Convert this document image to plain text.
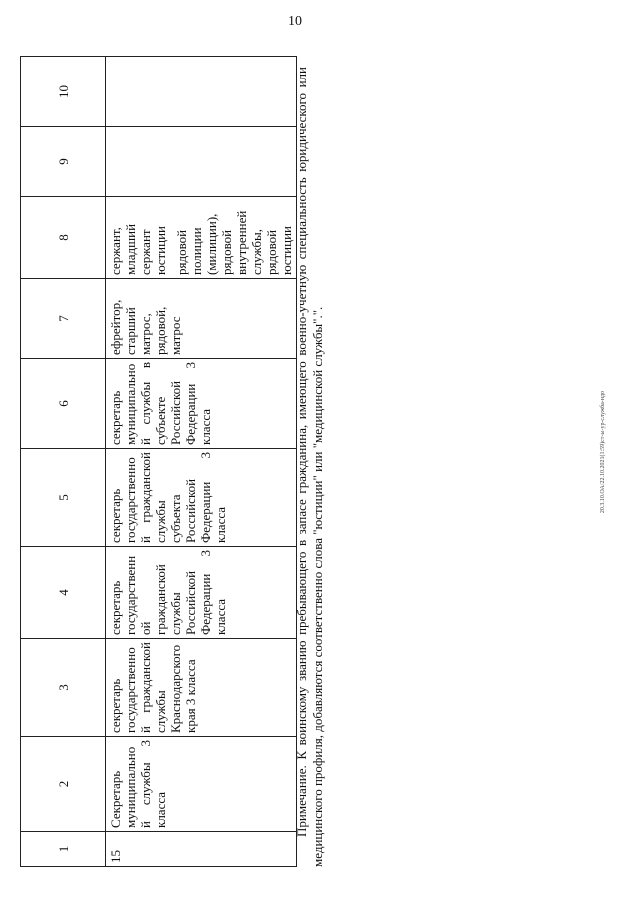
10
20.3.10.ОА/22.10.2021(1:59)ст-ы-ур-служба-ндо
1	2	3	4	5	6	7	8	9	10
15	Секретарь муниципальной службы 3 класса	секретарь государственной гражданской службы Краснодарского края 3 класса	секретарь государственной гражданской службы Российской Федерации 3 класса	секретарь государственной гражданской службы субъекта Российской Федерации 3 класса	секретарь муниципальной службы в субъекте Российской Федерации 3 класса	ефрейтор, старший матрос, рядовой, матрос	сержант, младший сержант юстиции рядовой полиции (милиции), рядовой внутренней службы, рядовой юстиции		
		Примечание. К воинскому званию пребывающего в запасе гражданина, имеющего военно-учетную специальность юридического или медицинского профиля, добавляются соответственно слова "юстиции" или "медицинской службы".".
